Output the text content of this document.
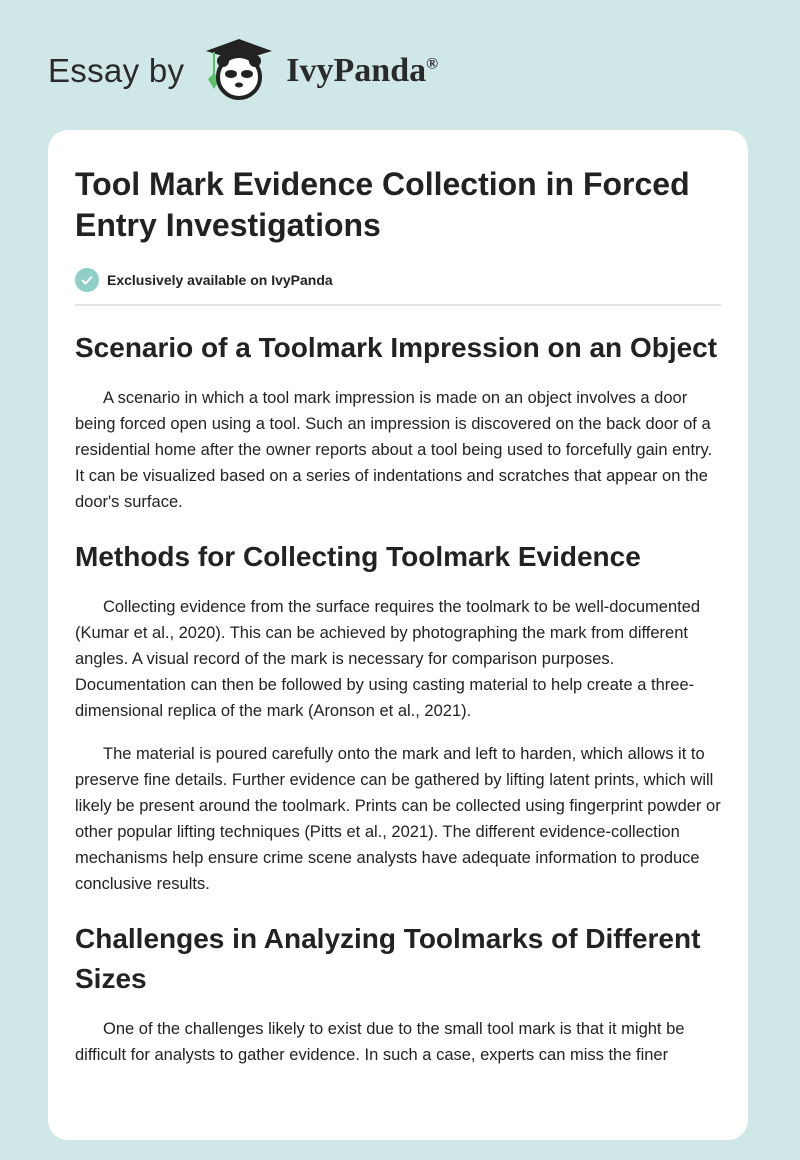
Essay by	IvyPanda®
Tool Mark Evidence Collection in Forced Entry Investigations
Exclusively available on IvyPanda
Scenario of a Toolmark Impression on an Object

A scenario in which a tool mark impression is made on an object involves a door being forced open using a tool. Such an impression is discovered on the back door of a residential home after the owner reports about a tool being used to forcefully gain entry. It can be visualized based on a series of indentations and scratches that appear on the door's surface.

Methods for Collecting Toolmark Evidence

Collecting evidence from the surface requires the toolmark to be well-documented (Kumar et al., 2020). This can be achieved by photographing the mark from different angles. A visual record of the mark is necessary for comparison purposes. Documentation can then be followed by using casting material to help create a three-dimensional replica of the mark (Aronson et al., 2021).

The material is poured carefully onto the mark and left to harden, which allows it to preserve fine details. Further evidence can be gathered by lifting latent prints, which will likely be present around the toolmark. Prints can be collected using fingerprint powder or other popular lifting techniques (Pitts et al., 2021). The different evidence-collection mechanisms help ensure crime scene analysts have adequate information to produce conclusive results.

Challenges in Analyzing Toolmarks of Different Sizes

One of the challenges likely to exist due to the small tool mark is that it might be difficult for analysts to gather evidence. In such a case, experts can miss the finer
